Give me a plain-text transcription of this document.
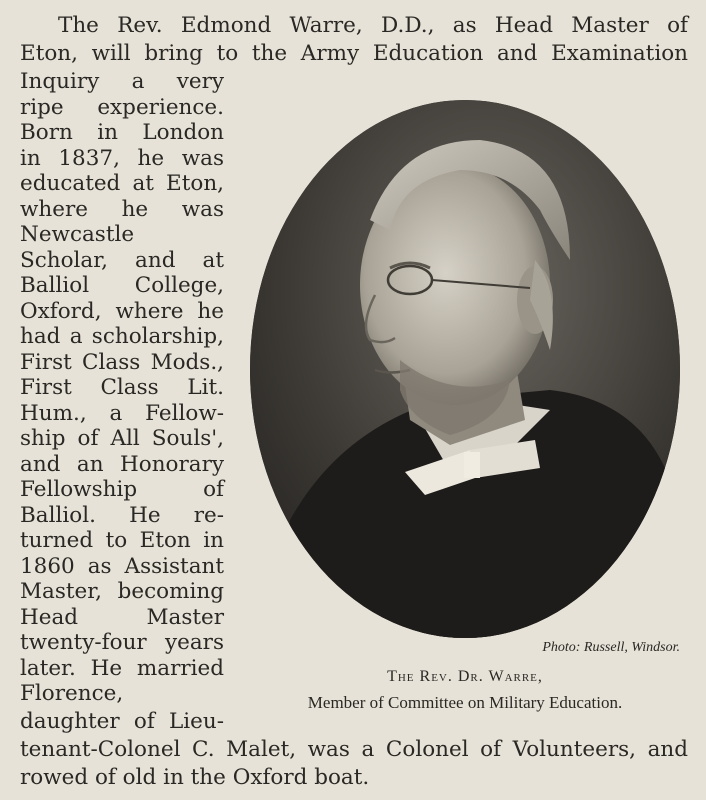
The Rev. Edmond Warre, D.D., as Head Master of
Eton, will bring to the Army Education and Examination
Inquiry a very
ripe experience.
Born in London
in 1837, he was
educated at Eton,
where he was
Newcastle
Scholar, and at
Balliol College,
Oxford, where he
had a scholarship,
First Class Mods.,
First Class Lit.
Hum., a Fellow-
ship of All Souls',
and an Honorary
Fellowship of
Balliol. He re-
turned to Eton in
1860 as Assistant
Master, becoming
Head Master
twenty-four years
later. He married
Florence,
Photo: Russell, Windsor.
The Rev. Dr. Warre,
Member of Committee on Military Education.
daughter of Lieu-
tenant-Colonel C. Malet, was a Colonel of Volunteers, and
rowed of old in the Oxford boat.
